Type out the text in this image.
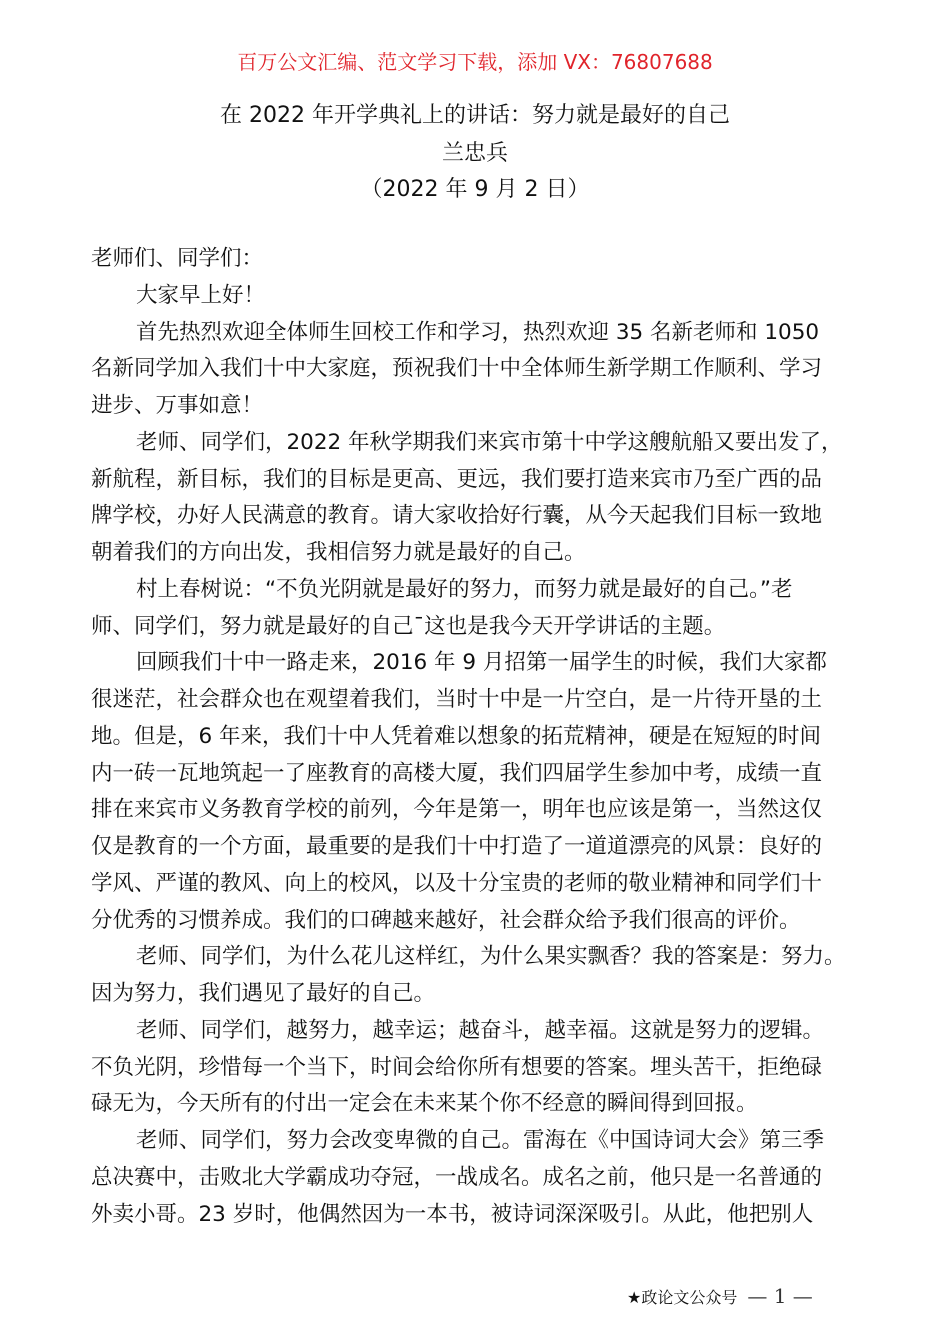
百万公文汇编、范文学习下载，添加 VX：76807688
在 2022 年开学典礼上的讲话：努力就是最好的自己
兰忠兵
（2022 年 9 月 2 日）
老师们、同学们：
大家早上好！
首先热烈欢迎全体师生回校工作和学习，热烈欢迎 35 名新老师和 1050
名新同学加入我们十中大家庭，预祝我们十中全体师生新学期工作顺利、学习
进步、万事如意！
老师、同学们，2022 年秋学期我们来宾市第十中学这艘航船又要出发了，
新航程，新目标，我们的目标是更高、更远，我们要打造来宾市乃至广西的品
牌学校，办好人民满意的教育。请大家收拾好行囊，从今天起我们目标一致地
朝着我们的方向出发，我相信努力就是最好的自己。
村上春树说：“不负光阴就是最好的努力，而努力就是最好的自己。”老
师、同学们，努力就是最好的自己¯这也是我今天开学讲话的主题。
回顾我们十中一路走来，2016 年 9 月招第一届学生的时候，我们大家都
很迷茫，社会群众也在观望着我们，当时十中是一片空白，是一片待开垦的土
地。但是，6 年来，我们十中人凭着难以想象的拓荒精神，硬是在短短的时间
内一砖一瓦地筑起一了座教育的高楼大厦，我们四届学生参加中考，成绩一直
排在来宾市义务教育学校的前列，今年是第一，明年也应该是第一，当然这仅
仅是教育的一个方面，最重要的是我们十中打造了一道道漂亮的风景：良好的
学风、严谨的教风、向上的校风，以及十分宝贵的老师的敬业精神和同学们十
分优秀的习惯养成。我们的口碑越来越好，社会群众给予我们很高的评价。
老师、同学们，为什么花儿这样红，为什么果实飘香？我的答案是：努力。
因为努力，我们遇见了最好的自己。
老师、同学们，越努力，越幸运；越奋斗，越幸福。这就是努力的逻辑。
不负光阴，珍惜每一个当下，时间会给你所有想要的答案。埋头苦干，拒绝碌
碌无为，今天所有的付出一定会在未来某个你不经意的瞬间得到回报。
老师、同学们，努力会改变卑微的自己。雷海在《中国诗词大会》第三季
总决赛中，击败北大学霸成功夺冠，一战成名。成名之前，他只是一名普通的
外卖小哥。23 岁时，他偶然因为一本书，被诗词深深吸引。从此，他把别人
★政论文公众号 — 1 —
